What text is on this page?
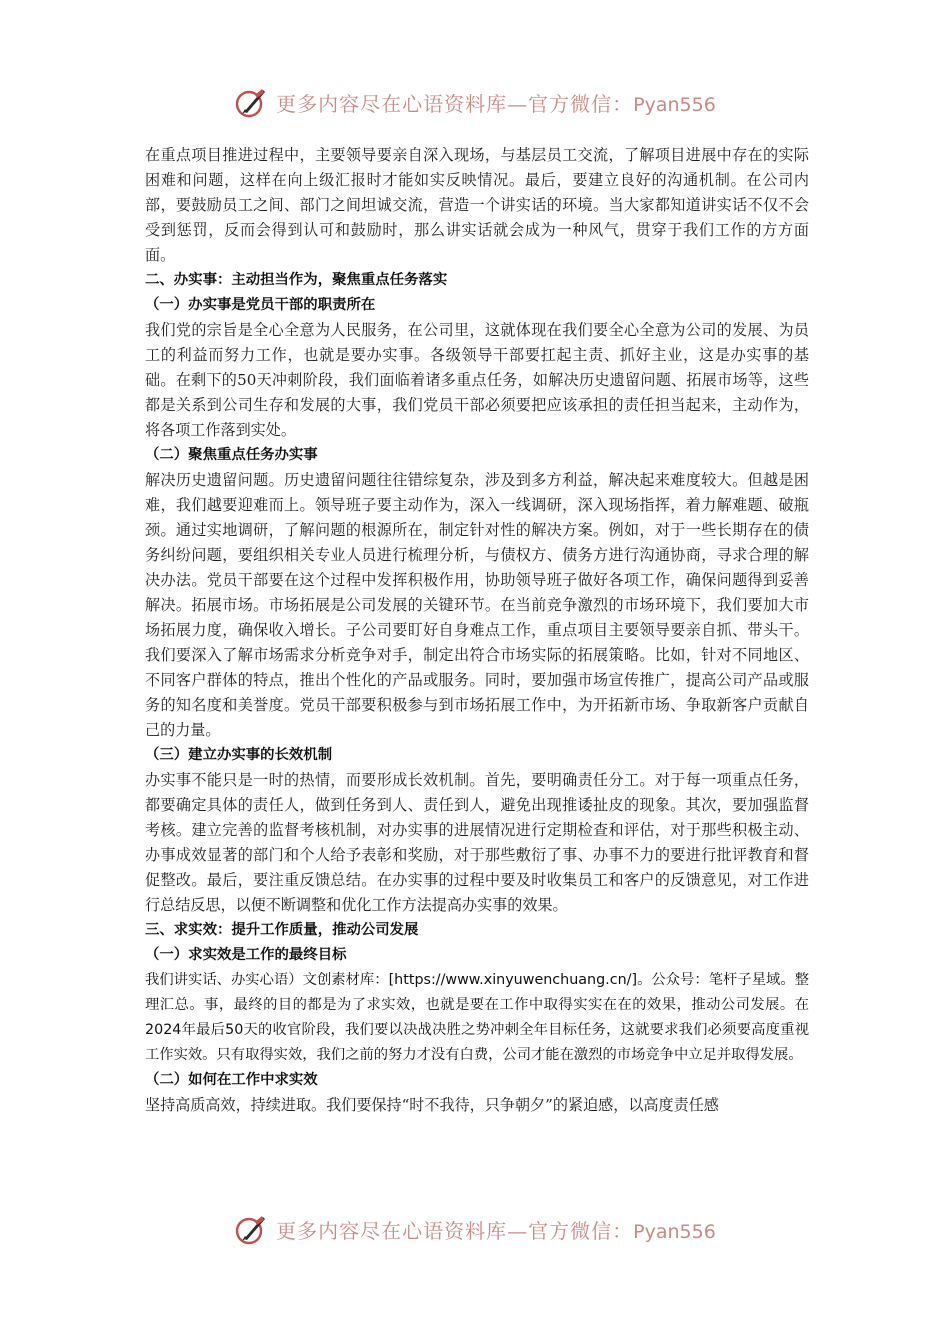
更多内容尽在心语资料库—官方微信：Pyan556

在重点项目推进过程中，主要领导要亲自深入现场，与基层员工交流，了解项目进展中存在的实际困难和问题，这样在向上级汇报时才能如实反映情况。最后，要建立良好的沟通机制。在公司内部，要鼓励员工之间、部门之间坦诚交流，营造一个讲实话的环境。当大家都知道讲实话不仅不会受到惩罚，反而会得到认可和鼓励时，那么讲实话就会成为一种风气，贯穿于我们工作的方方面面。

二、办实事：主动担当作为，聚焦重点任务落实
（一）办实事是党员干部的职责所在

我们党的宗旨是全心全意为人民服务，在公司里，这就体现在我们要全心全意为公司的发展、为员工的利益而努力工作，也就是要办实事。各级领导干部要扛起主责、抓好主业，这是办实事的基础。在剩下的50天冲刺阶段，我们面临着诸多重点任务，如解决历史遗留问题、拓展市场等，这些都是关系到公司生存和发展的大事，我们党员干部必须要把应该承担的责任担当起来，主动作为，将各项工作落到实处。

（二）聚焦重点任务办实事

解决历史遗留问题。历史遗留问题往往错综复杂，涉及到多方利益，解决起来难度较大。但越是困难，我们越要迎难而上。领导班子要主动作为，深入一线调研，深入现场指挥，着力解难题、破瓶颈。通过实地调研，了解问题的根源所在，制定针对性的解决方案。例如，对于一些长期存在的债务纠纷问题，要组织相关专业人员进行梳理分析，与债权方、债务方进行沟通协商，寻求合理的解决办法。党员干部要在这个过程中发挥积极作用，协助领导班子做好各项工作，确保问题得到妥善解决。拓展市场。市场拓展是公司发展的关键环节。在当前竞争激烈的市场环境下，我们要加大市场拓展力度，确保收入增长。子公司要盯好自身难点工作，重点项目主要领导要亲自抓、带头干。我们要深入了解市场需求分析竞争对手，制定出符合市场实际的拓展策略。比如，针对不同地区、不同客户群体的特点，推出个性化的产品或服务。同时，要加强市场宣传推广，提高公司产品或服务的知名度和美誉度。党员干部要积极参与到市场拓展工作中，为开拓新市场、争取新客户贡献自己的力量。

（三）建立办实事的长效机制

办实事不能只是一时的热情，而要形成长效机制。首先，要明确责任分工。对于每一项重点任务，都要确定具体的责任人，做到任务到人、责任到人，避免出现推诿扯皮的现象。其次，要加强监督考核。建立完善的监督考核机制，对办实事的进展情况进行定期检查和评估，对于那些积极主动、办事成效显著的部门和个人给予表彰和奖励，对于那些敷衍了事、办事不力的要进行批评教育和督促整改。最后，要注重反馈总结。在办实事的过程中要及时收集员工和客户的反馈意见，对工作进行总结反思，以便不断调整和优化工作方法提高办实事的效果。

三、求实效：提升工作质量，推动公司发展
（一）求实效是工作的最终目标

我们讲实话、办实心语）文创素材库：[https://www.xinyuwenchuang.cn/]。公众号：笔杆子星域。整理汇总。事，最终的目的都是为了求实效，也就是要在工作中取得实实在在的效果，推动公司发展。在2024年最后50天的收官阶段，我们要以决战决胜之势冲刺全年目标任务，这就要求我们必须要高度重视工作实效。只有取得实效，我们之前的努力才没有白费，公司才能在激烈的市场竞争中立足并取得发展。

（二）如何在工作中求实效

坚持高质高效，持续进取。我们要保持“时不我待，只争朝夕”的紧迫感，以高度责任感

更多内容尽在心语资料库—官方微信：Pyan556
